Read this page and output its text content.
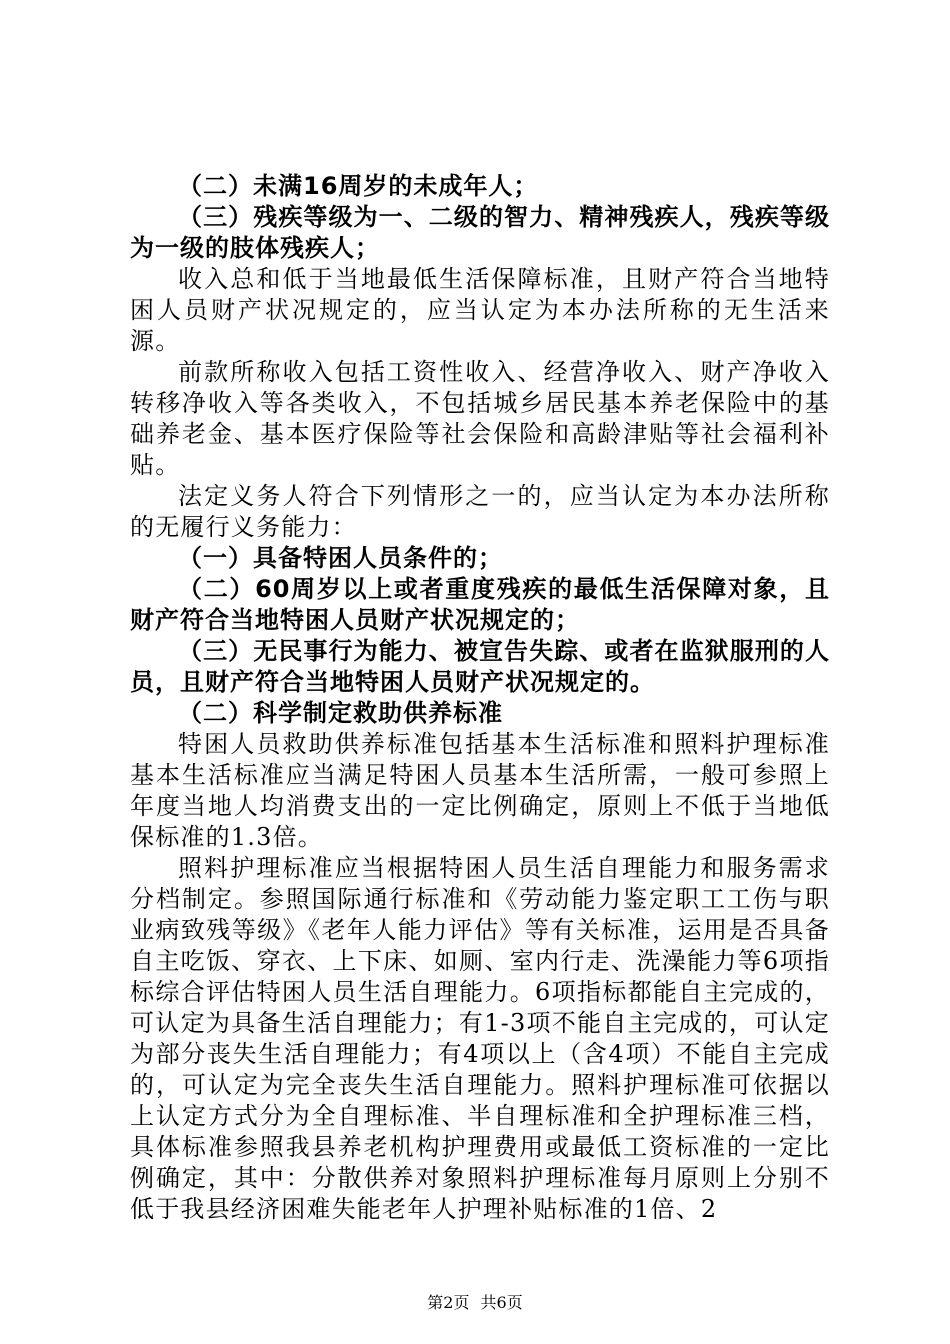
（二）未满16周岁的未成年人；

（三）残疾等级为一、二级的智力、精神残疾人，残疾等级为一级的肢体残疾人；

收入总和低于当地最低生活保障标准，且财产符合当地特困人员财产状况规定的，应当认定为本办法所称的无生活来源。

前款所称收入包括工资性收入、经营净收入、财产净收入转移净收入等各类收入，不包括城乡居民基本养老保险中的基础养老金、基本医疗保险等社会保险和高龄津贴等社会福利补贴。

法定义务人符合下列情形之一的，应当认定为本办法所称的无履行义务能力：

（一）具备特困人员条件的；

（二）60周岁以上或者重度残疾的最低生活保障对象，且财产符合当地特困人员财产状况规定的；

（三）无民事行为能力、被宣告失踪、或者在监狱服刑的人员，且财产符合当地特困人员财产状况规定的。

（二）科学制定救助供养标准

特困人员救助供养标准包括基本生活标准和照料护理标准基本生活标准应当满足特困人员基本生活所需，一般可参照上年度当地人均消费支出的一定比例确定，原则上不低于当地低保标准的1.3倍。

照料护理标准应当根据特困人员生活自理能力和服务需求分档制定。参照国际通行标准和《劳动能力鉴定职工工伤与职业病致残等级》《老年人能力评估》等有关标准，运用是否具备自主吃饭、穿衣、上下床、如厕、室内行走、洗澡能力等6项指标综合评估特困人员生活自理能力。6项指标都能自主完成的，可认定为具备生活自理能力；有1-3项不能自主完成的，可认定为部分丧失生活自理能力；有4项以上（含4项）不能自主完成的，可认定为完全丧失生活自理能力。照料护理标准可依据以上认定方式分为全自理标准、半自理标准和全护理标准三档，具体标准参照我县养老机构护理费用或最低工资标准的一定比例确定，其中：分散供养对象照料护理标准每月原则上分别不低于我县经济困难失能老年人护理补贴标准的1倍、2

第2页 共6页
